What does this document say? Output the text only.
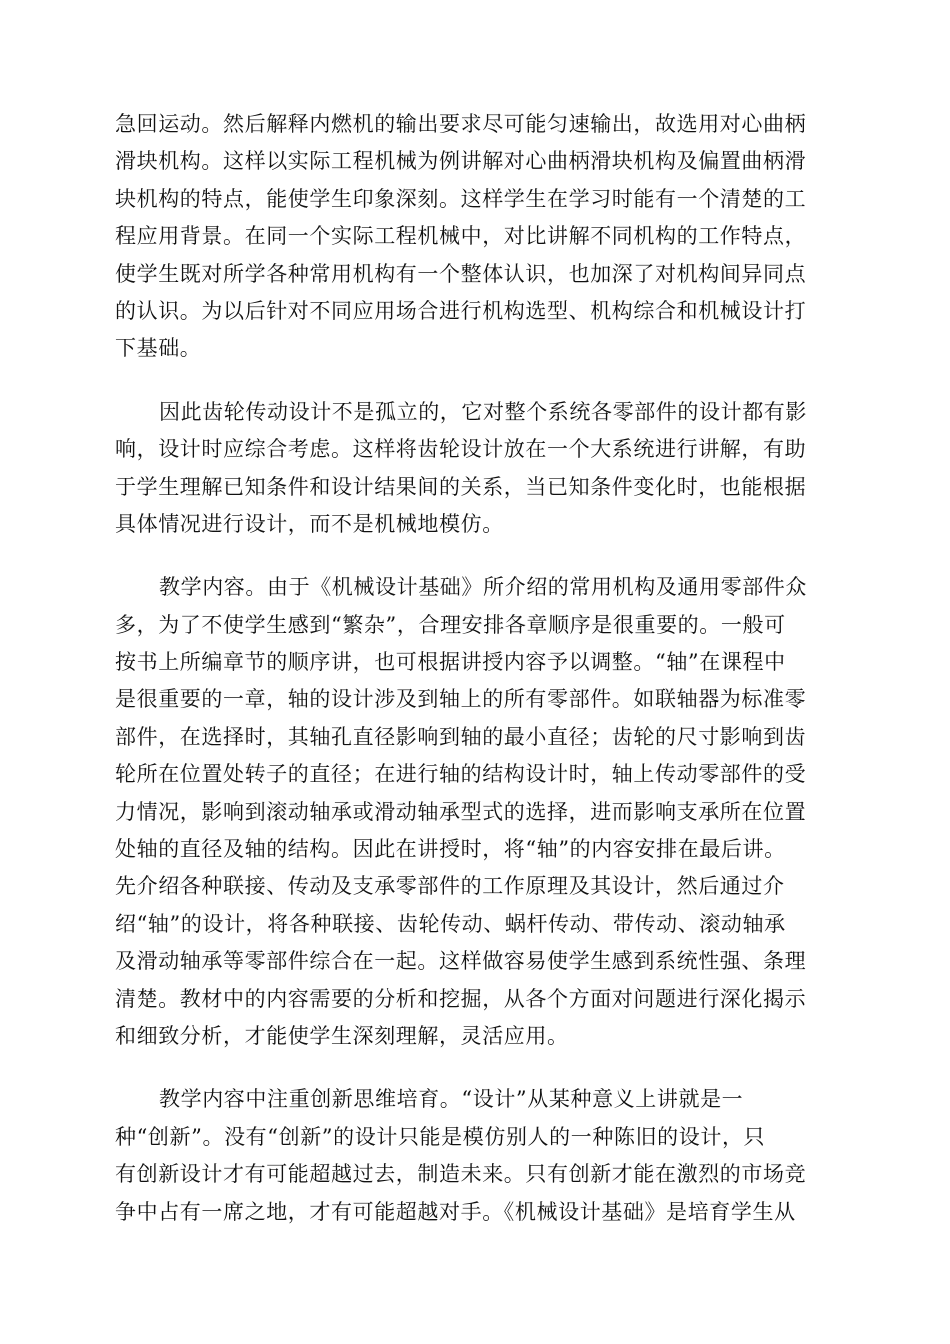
急回运动。然后解释内燃机的输出要求尽可能匀速输出，故选用对心曲柄
滑块机构。这样以实际工程机械为例讲解对心曲柄滑块机构及偏置曲柄滑
块机构的特点，能使学生印象深刻。这样学生在学习时能有一个清楚的工
程应用背景。在同一个实际工程机械中，对比讲解不同机构的工作特点，
使学生既对所学各种常用机构有一个整体认识，也加深了对机构间异同点
的认识。为以后针对不同应用场合进行机构选型、机构综合和机械设计打
下基础。

因此齿轮传动设计不是孤立的，它对整个系统各零部件的设计都有影
响，设计时应综合考虑。这样将齿轮设计放在一个大系统进行讲解，有助
于学生理解已知条件和设计结果间的关系，当已知条件变化时，也能根据
具体情况进行设计，而不是机械地模仿。

教学内容。由于《机械设计基础》所介绍的常用机构及通用零部件众
多，为了不使学生感到“繁杂”，合理安排各章顺序是很重要的。一般可
按书上所编章节的顺序讲，也可根据讲授内容予以调整。“轴”在课程中
是很重要的一章，轴的设计涉及到轴上的所有零部件。如联轴器为标准零
部件，在选择时，其轴孔直径影响到轴的最小直径；齿轮的尺寸影响到齿
轮所在位置处转子的直径；在进行轴的结构设计时，轴上传动零部件的受
力情况，影响到滚动轴承或滑动轴承型式的选择，进而影响支承所在位置
处轴的直径及轴的结构。因此在讲授时，将“轴”的内容安排在最后讲。
先介绍各种联接、传动及支承零部件的工作原理及其设计，然后通过介
绍“轴”的设计，将各种联接、齿轮传动、蜗杆传动、带传动、滚动轴承
及滑动轴承等零部件综合在一起。这样做容易使学生感到系统性强、条理
清楚。教材中的内容需要的分析和挖掘，从各个方面对问题进行深化揭示
和细致分析，才能使学生深刻理解，灵活应用。

教学内容中注重创新思维培育。“设计”从某种意义上讲就是一
种“创新”。没有“创新”的设计只能是模仿别人的一种陈旧的设计，只
有创新设计才有可能超越过去，制造未来。只有创新才能在激烈的市场竞
争中占有一席之地，才有可能超越对手。《机械设计基础》是培育学生从
